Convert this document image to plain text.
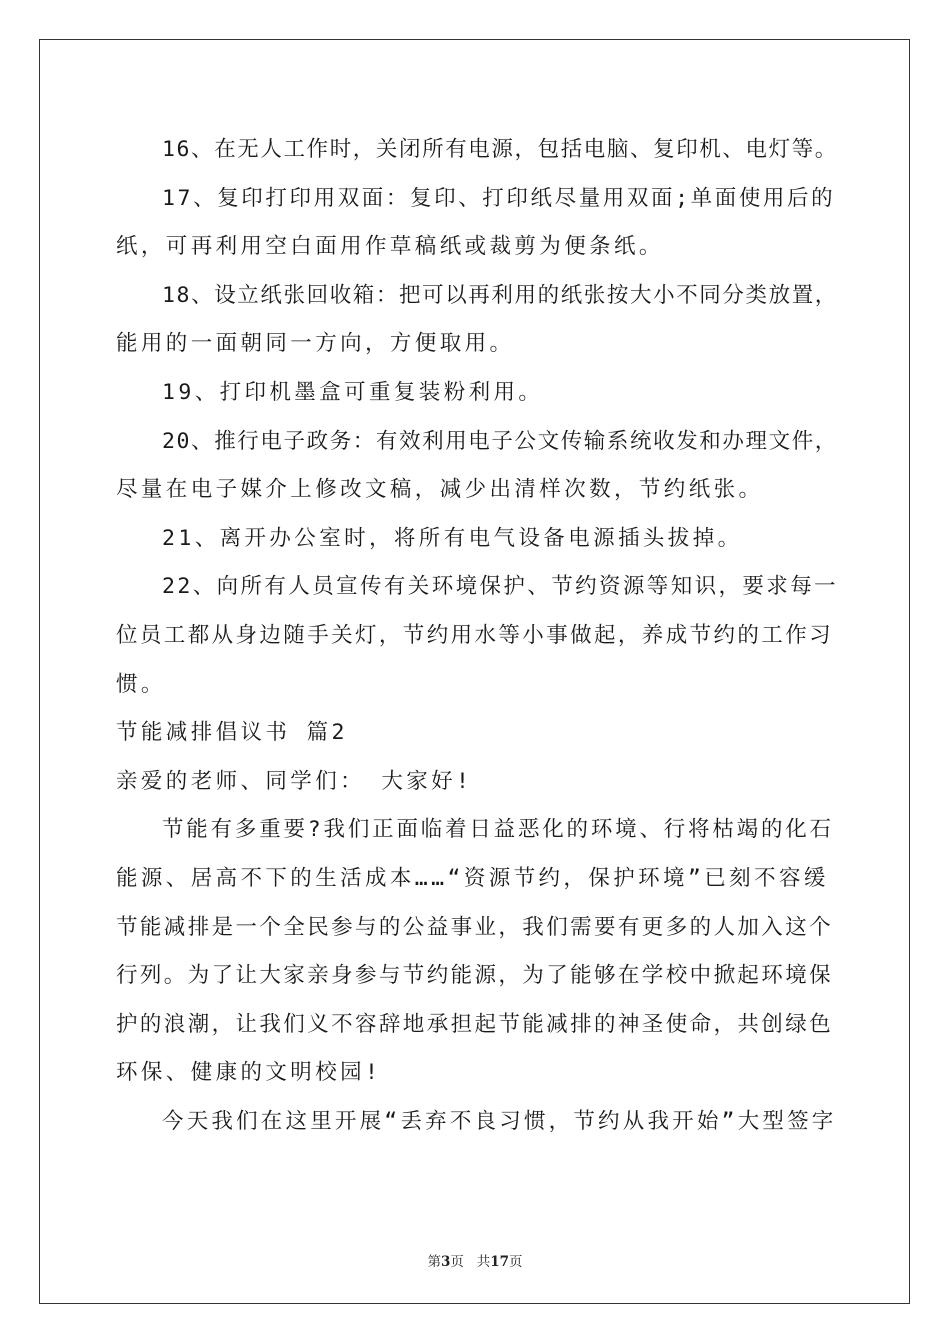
16、在无人工作时，关闭所有电源，包括电脑、复印机、电灯等。
17、复印打印用双面：复印、打印纸尽量用双面;单面使用后的
纸，可再利用空白面用作草稿纸或裁剪为便条纸。
18、设立纸张回收箱：把可以再利用的纸张按大小不同分类放置，
能用的一面朝同一方向，方便取用。
19、打印机墨盒可重复装粉利用。
20、推行电子政务：有效利用电子公文传输系统收发和办理文件，
尽量在电子媒介上修改文稿，减少出清样次数，节约纸张。
21、离开办公室时，将所有电气设备电源插头拔掉。
22、向所有人员宣传有关环境保护、节约资源等知识，要求每一
位员工都从身边随手关灯，节约用水等小事做起，养成节约的工作习
惯。
节能减排倡议书 篇2
亲爱的老师、同学们： 大家好!
节能有多重要?我们正面临着日益恶化的环境、行将枯竭的化石
能源、居高不下的生活成本……“资源节约，保护环境”已刻不容缓
节能减排是一个全民参与的公益事业，我们需要有更多的人加入这个
行列。为了让大家亲身参与节约能源，为了能够在学校中掀起环境保
护的浪潮，让我们义不容辞地承担起节能减排的神圣使命，共创绿色
环保、健康的文明校园!
今天我们在这里开展“丢弃不良习惯，节约从我开始”大型签字
第3页   共17页
